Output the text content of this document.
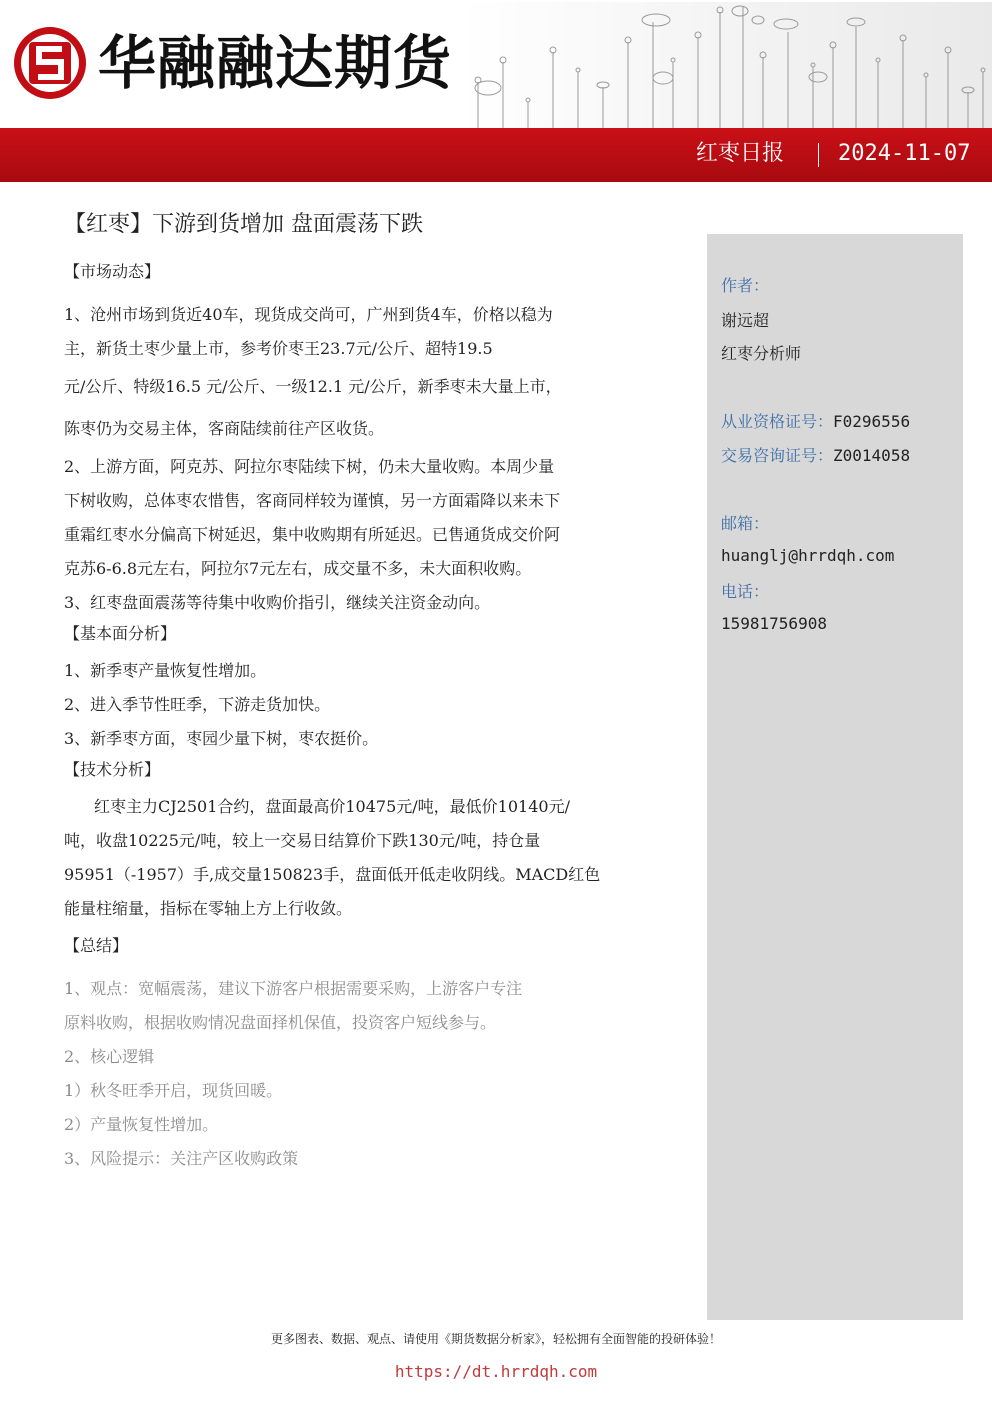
华融融达期货
红枣日报 2024-11-07
【红枣】下游到货增加 盘面震荡下跌
【市场动态】
1、沧州市场到货近40车，现货成交尚可，广州到货4车，价格以稳为
主，新货土枣少量上市，参考价枣王23.7元/公斤、超特19.5
元/公斤、特级16.5 元/公斤、一级12.1 元/公斤，新季枣未大量上市，
陈枣仍为交易主体，客商陆续前往产区收货。
2、上游方面，阿克苏、阿拉尔枣陆续下树，仍未大量收购。本周少量
下树收购，总体枣农惜售，客商同样较为谨慎，另一方面霜降以来未下
重霜红枣水分偏高下树延迟，集中收购期有所延迟。已售通货成交价阿
克苏6-6.8元左右，阿拉尔7元左右，成交量不多，未大面积收购。
3、红枣盘面震荡等待集中收购价指引，继续关注资金动向。
【基本面分析】
1、新季枣产量恢复性增加。
2、进入季节性旺季，下游走货加快。
3、新季枣方面，枣园少量下树，枣农挺价。
【技术分析】
红枣主力CJ2501合约，盘面最高价10475元/吨，最低价10140元/
吨，收盘10225元/吨，较上一交易日结算价下跌130元/吨，持仓量
95951（-1957）手,成交量150823手，盘面低开低走收阴线。MACD红色
能量柱缩量，指标在零轴上方上行收敛。
【总结】
1、观点：宽幅震荡，建议下游客户根据需要采购，上游客户专注
原料收购，根据收购情况盘面择机保值，投资客户短线参与。
2、核心逻辑
1）秋冬旺季开启，现货回暖。
2）产量恢复性增加。
3、风险提示：关注产区收购政策
作者：
谢远超
红枣分析师
从业资格证号：F0296556
交易咨询证号：Z0014058
邮箱：
huanglj@hrrdqh.com
电话：
15981756908
更多图表、数据、观点、请使用《期货数据分析家》，轻松拥有全面智能的投研体验！
https://dt.hrrdqh.com
